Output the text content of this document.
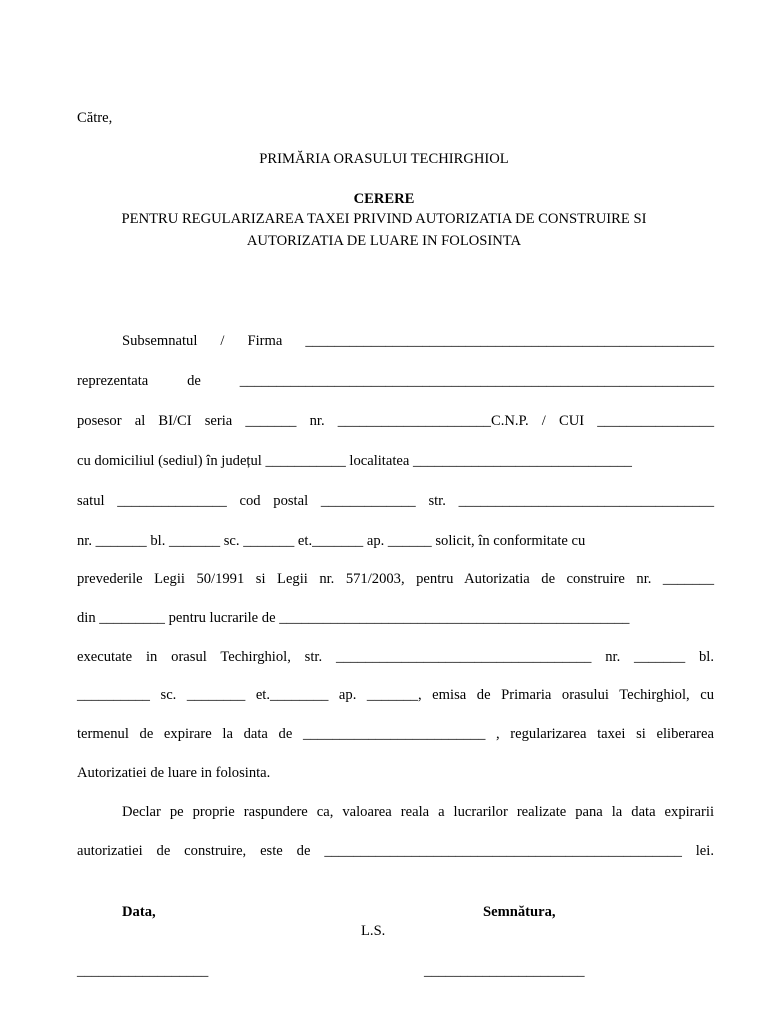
Către,
PRIMĂRIA ORASULUI TECHIRGHIOL
CERERE
PENTRU REGULARIZAREA TAXEI PRIVIND AUTORIZATIA DE CONSTRUIRE SI
AUTORIZATIA DE LUARE IN FOLOSINTA
Subsemnatul / Firma ________________________________________________________
reprezentata de _________________________________________________________________
posesor al BI/CI seria _______ nr. _____________________C.N.P. / CUI ________________
cu domiciliul (sediul) în județul ___________ localitatea ______________________________
satul _______________ cod postal _____________ str. ___________________________________
nr. _______ bl. _______ sc. _______ et._______ ap. ______ solicit, în conformitate cu
prevederile Legii 50/1991 si Legii nr. 571/2003, pentru Autorizatia de construire nr. _______
din _________ pentru lucrarile de ________________________________________________
executate in orasul Techirghiol, str. ___________________________________ nr. _______ bl.
__________ sc. ________ et.________ ap. _______, emisa de Primaria orasului Techirghiol, cu
termenul de expirare la data de _________________________ , regularizarea taxei si eliberarea
Autorizatiei de luare in folosinta.
Declar pe proprie raspundere ca, valoarea reala a lucrarilor realizate pana la data expirarii
autorizatiei de construire, este de _________________________________________________ lei.
Data,	Semnătura,
L.S.
__________________	______________________
